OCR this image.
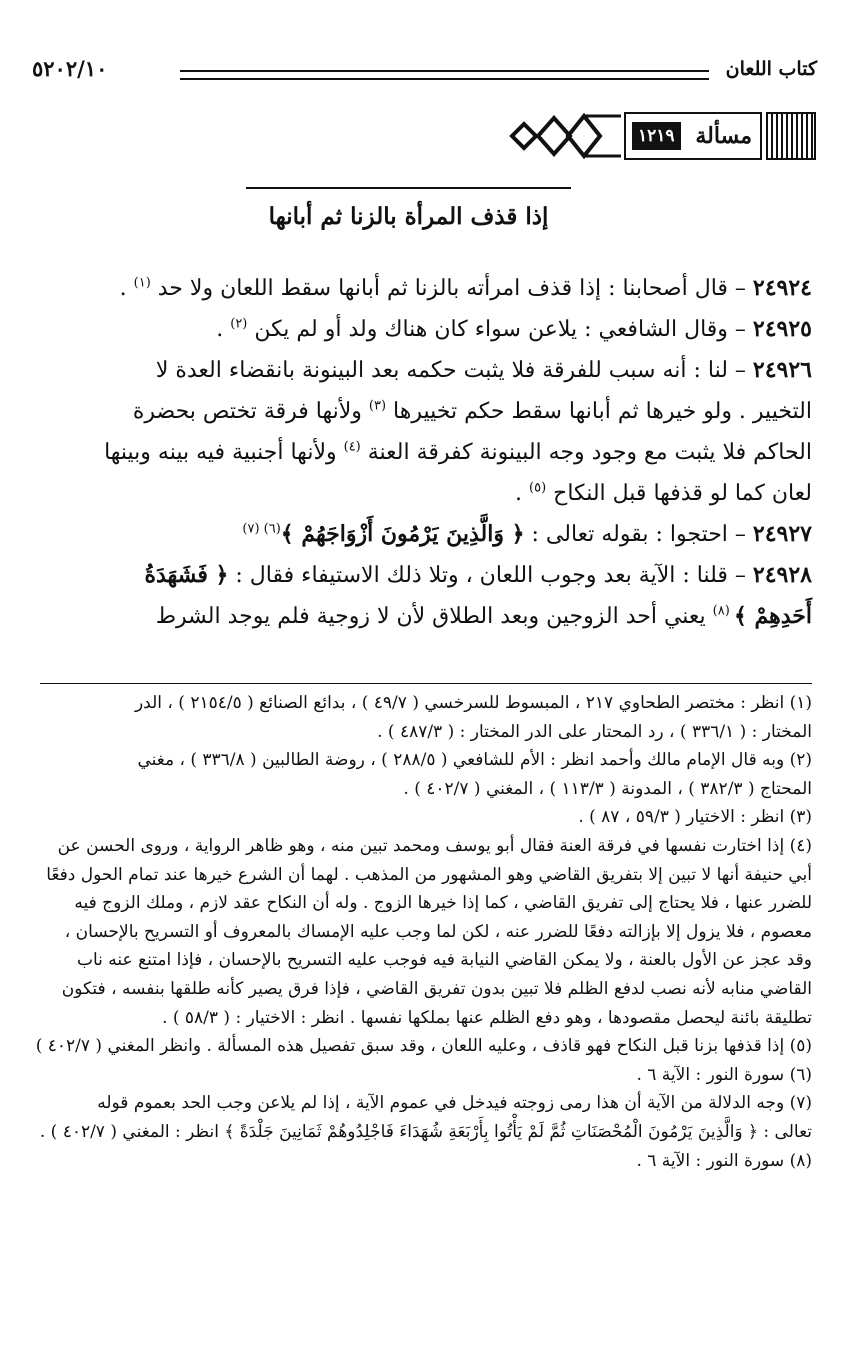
كتاب اللعان
٥٢٠٢/١٠
مسألة
١٢١٩
إذا قذف المرأة بالزنا ثم أبانها
٢٤٩٢٤ – قال أصحابنا : إذا قذف امرأته بالزنا ثم أبانها سقط اللعان ولا حد $^{(١)}$ .
٢٤٩٢٥ – وقال الشافعي : يلاعن سواء كان هناك ولد أو لم يكن $^{(٢)}$ .
٢٤٩٢٦ – لنا : أنه سبب للفرقة فلا يثبت حكمه بعد البينونة بانقضاء العدة لا
التخيير . ولو خيرها ثم أبانها سقط حكم تخييرها $^{(٣)}$ ولأنها فرقة تختص بحضرة
الحاكم فلا يثبت مع وجود وجه البينونة كفرقة العنة $^{(٤)}$ ولأنها أجنبية فيه بينه وبينها
لعان كما لو قذفها قبل النكاح $^{(٥)}$ .
٢٤٩٢٧ – احتجوا : بقوله تعالى : ﴿ وَالَّذِينَ يَرْمُونَ أَزْوَاجَهُمْ ﴾$^{(٦) (٧)}$
٢٤٩٢٨ – قلنا : الآية بعد وجوب اللعان ، وتلا ذلك الاستيفاء فقال : ﴿ فَشَهَدَةُ
أَحَدِهِمْ ﴾ $^{(٨)}$ يعني أحد الزوجين وبعد الطلاق لأن لا زوجية فلم يوجد الشرط
(١) انظر : مختصر الطحاوي ٢١٧ ، المبسوط للسرخسي ( ٤٩/٧ ) ، بدائع الصنائع ( ٢١٥٤/٥ ) ، الدر
المختار : ( ٣٣٦/١ ) ، رد المحتار على الدر المختار : ( ٤٨٧/٣ ) .
(٢) وبه قال الإمام مالك وأحمد انظر : الأم للشافعي ( ٢٨٨/٥ ) ، روضة الطالبين ( ٣٣٦/٨ ) ، مغني
المحتاج ( ٣٨٢/٣ ) ، المدونة ( ١١٣/٣ ) ، المغني ( ٤٠٢/٧ ) .
(٣) انظر : الاختيار ( ٥٩/٣ ، ٨٧ ) .
(٤) إذا اختارت نفسها في فرقة العنة فقال أبو يوسف ومحمد تبين منه ، وهو ظاهر الرواية ، وروى الحسن عن
أبي حنيفة أنها لا تبين إلا بتفريق القاضي وهو المشهور من المذهب . لهما أن الشرع خيرها عند تمام الحول دفعًا
للضرر عنها ، فلا يحتاج إلى تفريق القاضي ، كما إذا خيرها الزوج . وله أن النكاح عقد لازم ، وملك الزوج فيه
معصوم ، فلا يزول إلا بإزالته دفعًا للضرر عنه ، لكن لما وجب عليه الإمساك بالمعروف أو التسريح بالإحسان ،
وقد عجز عن الأول بالعنة ، ولا يمكن القاضي النيابة فيه فوجب عليه التسريح بالإحسان ، فإذا امتنع عنه ناب
القاضي منابه لأنه نصب لدفع الظلم فلا تبين بدون تفريق القاضي ، فإذا فرق يصير كأنه طلقها بنفسه ، فتكون
تطليقة بائنة ليحصل مقصودها ، وهو دفع الظلم عنها بملكها نفسها . انظر : الاختيار : ( ٥٨/٣ ) .
(٥) إذا قذفها بزنا قبل النكاح فهو قاذف ، وعليه اللعان ، وقد سبق تفصيل هذه المسألة . وانظر المغني ( ٤٠٢/٧ )
(٦) سورة النور : الآية ٦ .
(٧) وجه الدلالة من الآية أن هذا رمى زوجته فيدخل في عموم الآية ، إذا لم يلاعن وجب الحد بعموم قوله
تعالى : ﴿ وَالَّذِينَ يَرْمُونَ الْمُحْصَنَاتِ ثُمَّ لَمْ يَأْتُوا بِأَرْبَعَةِ شُهَدَاءَ فَاجْلِدُوهُمْ ثَمَانِينَ جَلْدَةً ﴾ انظر : المغني ( ٤٠٢/٧ ) .
(٨) سورة النور : الآية ٦ .
